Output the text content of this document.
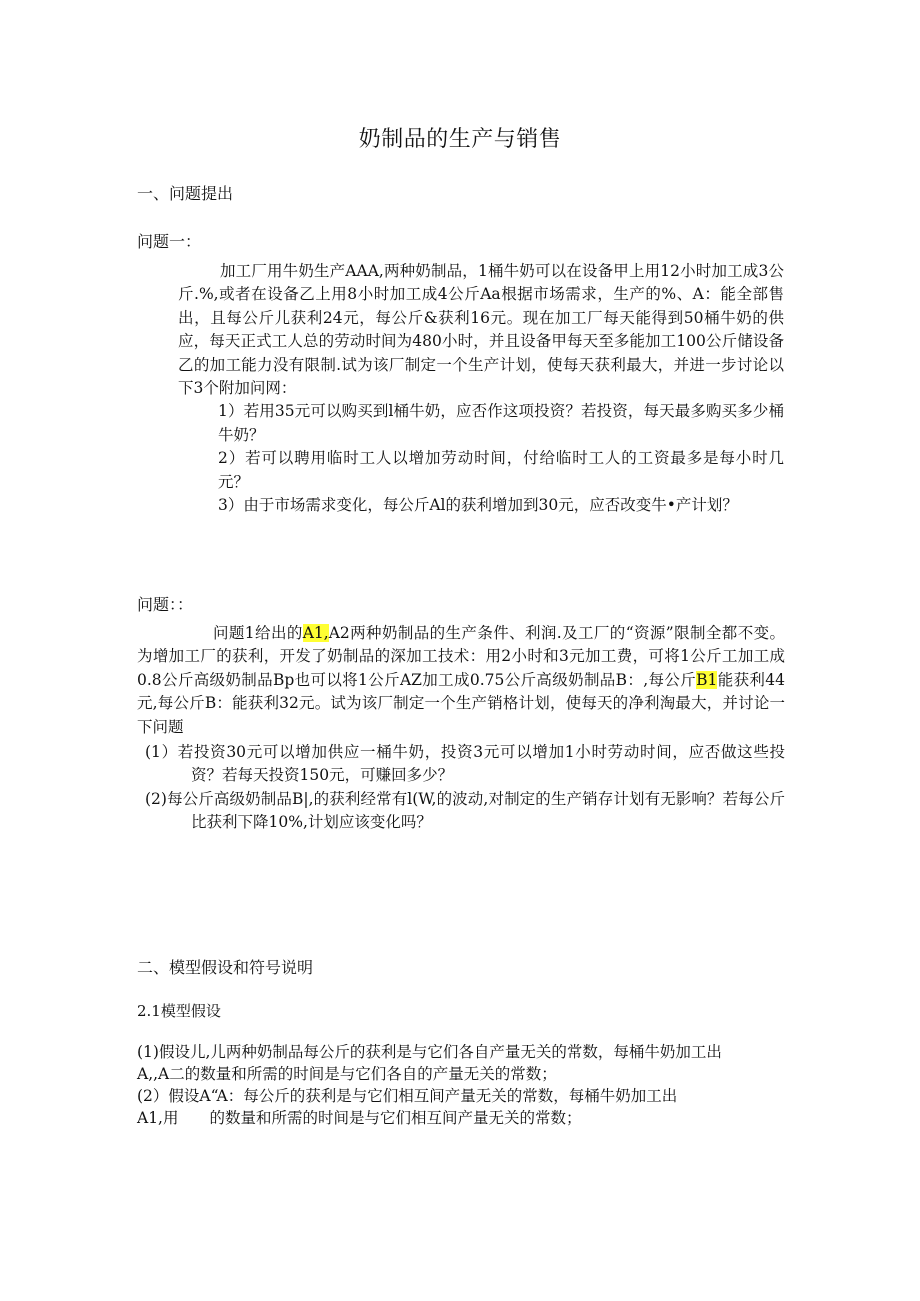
奶制品的生产与销售
一、问题提出
问题一：

加工厂用牛奶生产AAA,两种奶制品，1桶牛奶可以在设备甲上用12小时加工成3公斤.%,或者在设备乙上用8小时加工成4公斤Aa根据市场需求，生产的%、A：能全部售出，且每公斤儿获利24元，每公斤&获利16元。现在加工厂每天能得到50桶牛奶的供应，每天正式工人总的劳动时间为480小时，并且设备甲每天至多能加工100公斤储设备乙的加工能力没有限制.试为该厂制定一个生产计划，使每天获利最大，并进一步讨论以下3个附加问网：

1）若用35元可以购买到l桶牛奶，应否作这项投资？若投资，每天最多购买多少桶牛奶？

2）若可以聘用临时工人以增加劳动时间，付给临时工人的工资最多是每小时几元？

3）由于市场需求变化，每公斤Al的获利增加到30元，应否改变牛•产计划？

问题：：

问题1给出的A1,A2两种奶制品的生产条件、利润.及工厂的“资源”限制全都不变。为增加工厂的获利，开发了奶制品的深加工技术：用2小时和3元加工费，可将1公斤工加工成0.8公斤高级奶制品Bp也可以将1公斤AZ加工成0.75公斤高级奶制品B：,每公斤B1能获利44元,每公斤B：能获利32元。试为该厂制定一个生产销格计划，使每天的净利淘最大，并讨论一下问题

(1）若投资30元可以增加供应一桶牛奶，投资3元可以增加1小时劳动时间，应否做这些投资？若每天投资150元，可赚回多少？

(2)每公斤高级奶制品B|,的获利经常有l(W,的波动,对制定的生产销存计划有无影响？若每公斤比获利下降10%,计划应该变化吗？

二、模型假设和符号说明
2.1模型假设

(1)假设儿,儿两种奶制品每公斤的获利是与它们各自产量无关的常数，每桶牛奶加工出

A,,A二的数量和所需的时间是与它们各自的产量无关的常数；

(2）假设A“A：每公斤的获利是与它们相互间产量无关的常数，每桶牛奶加工出

A1,用　　的数量和所需的时间是与它们相互间产量无关的常数；
